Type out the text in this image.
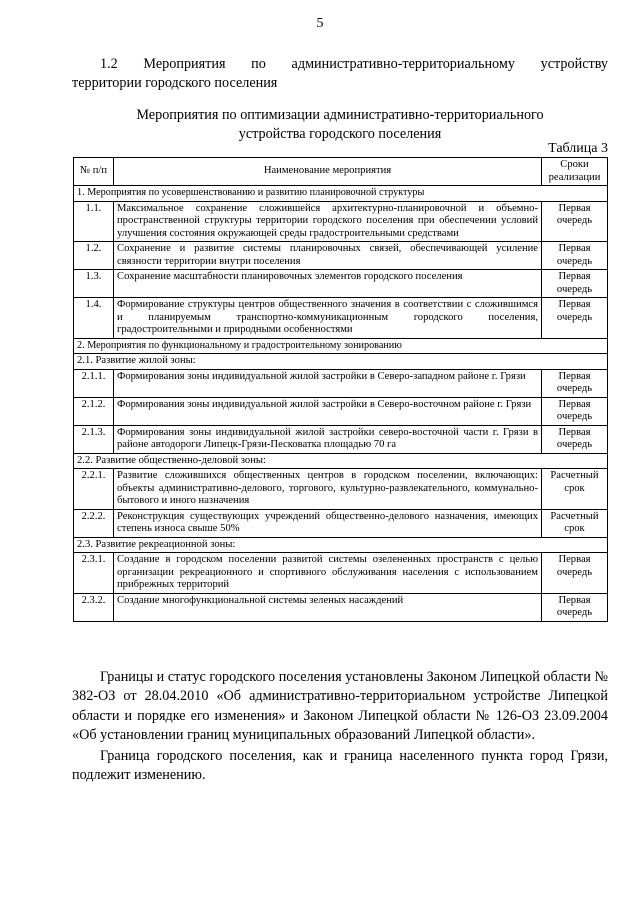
5
1.2 Мероприятия по административно-территориальному устройству
территории городского поселения
Мероприятия по оптимизации административно-территориального
устройства городского поселения
Таблица 3
№ п/п	Наименование мероприятия	Сроки
реализации

1. Мероприятия по усовершенствованию и развитию планировочной структуры		
1.1.	Максимальное сохранение сложившейся архитектурно-планировочной и объемно-пространственной структуры территории городского поселения при обеспечении условий улучшения состояния окружающей среды градостроительными средствами	Первая очередь
1.2.	Сохранение и развитие системы планировочных связей, обеспечивающей усиление связности территории внутри поселения	Первая очередь
1.3.	Сохранение масштабности планировочных элементов городского поселения	Первая очередь
1.4.	Формирование структуры центров общественного значения в соответствии с сложившимся и планируемым транспортно-коммуникационным городского поселения, градостроительными и природными особенностями	Первая очередь
2. Мероприятия по функциональному и градостроительному зонированию		
2.1. Развитие жилой зоны:		
2.1.1.	Формирования зоны индивидуальной жилой застройки в Северо-западном районе г. Грязи	Первая очередь
2.1.2.	Формирования зоны индивидуальной жилой застройки в Северо-восточном районе г. Грязи	Первая очередь
2.1.3.	Формирования зоны индивидуальной жилой застройки северо-восточной части г. Грязи в районе автодороги Липецк-Грязи-Песковатка площадью 70 га	Первая очередь
2.2. Развитие общественно-деловой зоны:		
2.2.1.	Развитие сложившихся общественных центров в городском поселении, включающих: объекты административно-делового, торгового, культурно-развлекательного, коммунально-бытового и иного назначения	Расчетный срок
2.2.2.	Реконструкция существующих учреждений общественно-делового назначения, имеющих степень износа свыше 50%	Расчетный срок
2.3. Развитие рекреационной зоны:		
2.3.1.	Создание в городском поселении развитой системы озелененных пространств с целью организации рекреационного и спортивного обслуживания населения с использованием прибрежных территорий	Первая очередь
2.3.2.	Создание многофункциональной системы зеленых насаждений	Первая очередь

Границы и статус городского поселения установлены Законом Липецкой области № 382-ОЗ от 28.04.2010 «Об административно-территориальном устройстве Липецкой области и порядке его изменения» и Законом Липецкой области № 126-ОЗ 23.09.2004 «Об установлении границ муниципальных образований Липецкой области».

Граница городского поселения, как и граница населенного пункта город Грязи, подлежит изменению.
